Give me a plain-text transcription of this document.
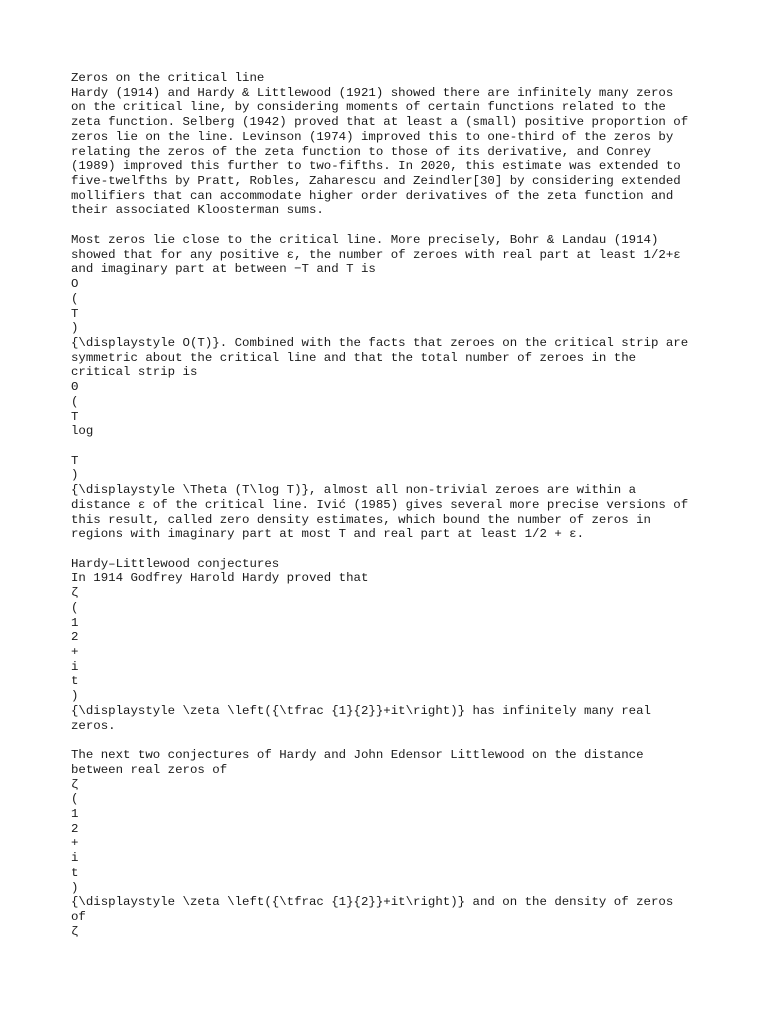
Zeros on the critical line
Hardy (1914) and Hardy & Littlewood (1921) showed there are infinitely many zeros
on the critical line, by considering moments of certain functions related to the
zeta function. Selberg (1942) proved that at least a (small) positive proportion of
zeros lie on the line. Levinson (1974) improved this to one-third of the zeros by
relating the zeros of the zeta function to those of its derivative, and Conrey
(1989) improved this further to two-fifths. In 2020, this estimate was extended to
five-twelfths by Pratt, Robles, Zaharescu and Zeindler[30] by considering extended
mollifiers that can accommodate higher order derivatives of the zeta function and
their associated Kloosterman sums.
Most zeros lie close to the critical line. More precisely, Bohr & Landau (1914)
showed that for any positive ε, the number of zeroes with real part at least 1/2+ε
and imaginary part at between −T and T is
O
(
T
)
{\displaystyle O(T)}. Combined with the facts that zeroes on the critical strip are
symmetric about the critical line and that the total number of zeroes in the
critical strip is
Θ
(
T
log
T
)
{\displaystyle \Theta (T\log T)}, almost all non-trivial zeroes are within a
distance ε of the critical line. Ivić (1985) gives several more precise versions of
this result, called zero density estimates, which bound the number of zeros in
regions with imaginary part at most T and real part at least 1/2 + ε.
Hardy–Littlewood conjectures
In 1914 Godfrey Harold Hardy proved that
ζ
(
1
2
+
i
t
)
{\displaystyle \zeta \left({\tfrac {1}{2}}+it\right)} has infinitely many real
zeros.
The next two conjectures of Hardy and John Edensor Littlewood on the distance
between real zeros of
ζ
(
1
2
+
i
t
)
{\displaystyle \zeta \left({\tfrac {1}{2}}+it\right)} and on the density of zeros
of
ζ
